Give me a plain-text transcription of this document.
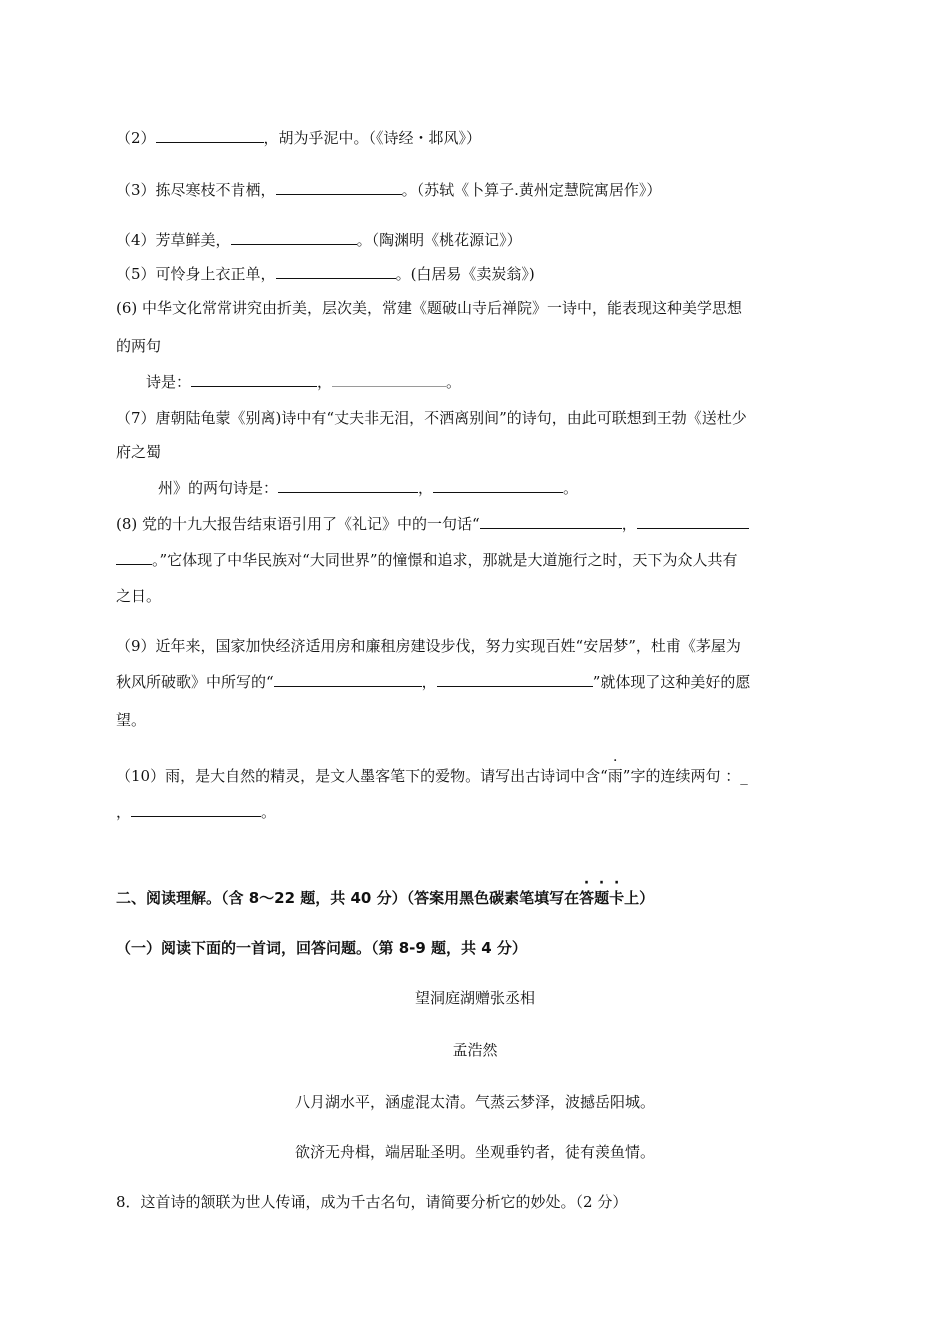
（2）	，胡为乎泥中。（《诗经・邶风》）
（3）拣尽寒枝不肯栖，	。（苏轼《卜算子.黄州定慧院寓居作》）
（4）芳草鲜美，	。（陶渊明《桃花源记》）
（5）可怜身上衣正单，	。(白居易《卖炭翁》)
(6) 中华文化常常讲究由折美，层次美，常建《题破山寺后禅院》一诗中，能表现这种美学思想
的两句
诗是：	，	。
（7）唐朝陆龟蒙《别离)诗中有“丈夫非无泪，不洒离别间”的诗句，由此可联想到王勃《送杜少
府之蜀
州》的两句诗是：	，	。
(8) 党的十九大报告结束语引用了《礼记》中的一句话“	，
。”它体现了中华民族对“大同世界”的憧憬和追求，那就是大道施行之时，天下为众人共有
之日。
（9）近年来，国家加快经济适用房和廉租房建设步伐，努力实现百姓“安居梦”，杜甫《茅屋为
秋风所破歌》中所写的“	，	”就体现了这种美好的愿
望。
（10）雨，是大自然的精灵，是文人墨客笔下的爱物。请写出古诗词中含“雨”字的连续两句 ：_
，	。
二、阅读理解。（含 8～22 题，共 40 分）（答案用黑色碳素笔填写在答题卡上）
（一）阅读下面的一首词，回答问题。（第 8-9 题，共 4 分）
望洞庭湖赠张丞相
孟浩然
八月湖水平，涵虚混太清。气蒸云梦泽，波撼岳阳城。
欲济无舟楫，端居耻圣明。坐观垂钓者，徒有羡鱼情。
8．这首诗的颔联为世人传诵，成为千古名句，请简要分析它的妙处。（2 分）
